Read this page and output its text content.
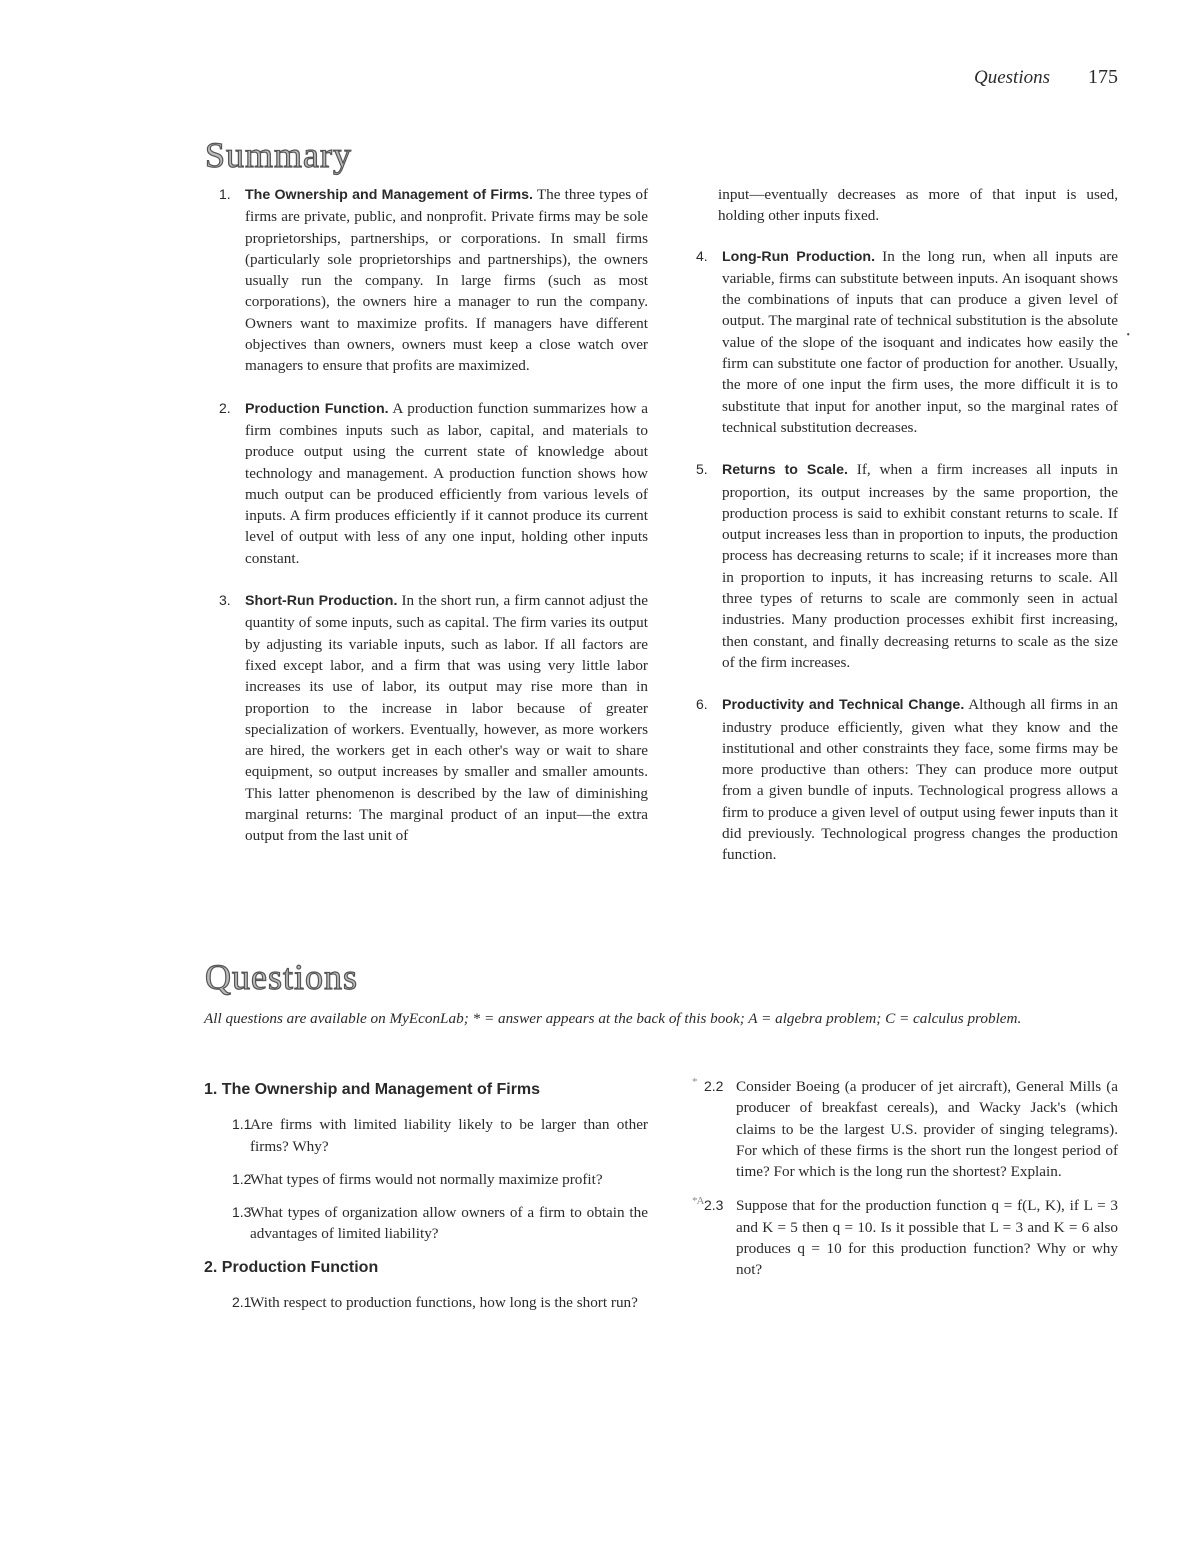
Questions 175
•
Summary
1. The Ownership and Management of Firms. The three types of firms are private, public, and nonprofit. Private firms may be sole proprietorships, partnerships, or corporations. In small firms (particularly sole proprietorships and partnerships), the owners usually run the company. In large firms (such as most corporations), the owners hire a manager to run the company. Owners want to maximize profits. If managers have different objectives than owners, owners must keep a close watch over managers to ensure that profits are maximized.
2. Production Function. A production function summarizes how a firm combines inputs such as labor, capital, and materials to produce output using the current state of knowledge about technology and management. A production function shows how much output can be produced efficiently from various levels of inputs. A firm produces efficiently if it cannot produce its current level of output with less of any one input, holding other inputs constant.
3. Short-Run Production. In the short run, a firm cannot adjust the quantity of some inputs, such as capital. The firm varies its output by adjusting its variable inputs, such as labor. If all factors are fixed except labor, and a firm that was using very little labor increases its use of labor, its output may rise more than in proportion to the increase in labor because of greater specialization of workers. Eventually, however, as more workers are hired, the workers get in each other's way or wait to share equipment, so output increases by smaller and smaller amounts. This latter phenomenon is described by the law of diminishing marginal returns: The marginal product of an input—the extra output from the last unit of
input—eventually decreases as more of that input is used, holding other inputs fixed.
4. Long-Run Production. In the long run, when all inputs are variable, firms can substitute between inputs. An isoquant shows the combinations of inputs that can produce a given level of output. The marginal rate of technical substitution is the absolute value of the slope of the isoquant and indicates how easily the firm can substitute one factor of production for another. Usually, the more of one input the firm uses, the more difficult it is to substitute that input for another input, so the marginal rates of technical substitution decreases.
5. Returns to Scale. If, when a firm increases all inputs in proportion, its output increases by the same proportion, the production process is said to exhibit constant returns to scale. If output increases less than in proportion to inputs, the production process has decreasing returns to scale; if it increases more than in proportion to inputs, it has increasing returns to scale. All three types of returns to scale are commonly seen in actual industries. Many production processes exhibit first increasing, then constant, and finally decreasing returns to scale as the size of the firm increases.
6. Productivity and Technical Change. Although all firms in an industry produce efficiently, given what they know and the institutional and other constraints they face, some firms may be more productive than others: They can produce more output from a given bundle of inputs. Technological progress allows a firm to produce a given level of output using fewer inputs than it did previously. Technological progress changes the production function.
Questions
All questions are available on MyEconLab; * = answer appears at the back of this book; A = algebra problem; C = calculus problem.
1. The Ownership and Management of Firms
1.1
Are firms with limited liability likely to be larger than other firms? Why?
1.2
What types of firms would not normally maximize profit?
1.3
What types of organization allow owners of a firm to obtain the advantages of limited liability?
2. Production Function
2.1
With respect to production functions, how long is the short run?
* 2.2 Consider Boeing (a producer of jet aircraft), General Mills (a producer of breakfast cereals), and Wacky Jack's (which claims to be the largest U.S. provider of singing telegrams). For which of these firms is the short run the longest period of time? For which is the long run the shortest? Explain.
*A 2.3 Suppose that for the production function q = f(L, K), if L = 3 and K = 5 then q = 10. Is it possible that L = 3 and K = 6 also produces q = 10 for this production function? Why or why not?
